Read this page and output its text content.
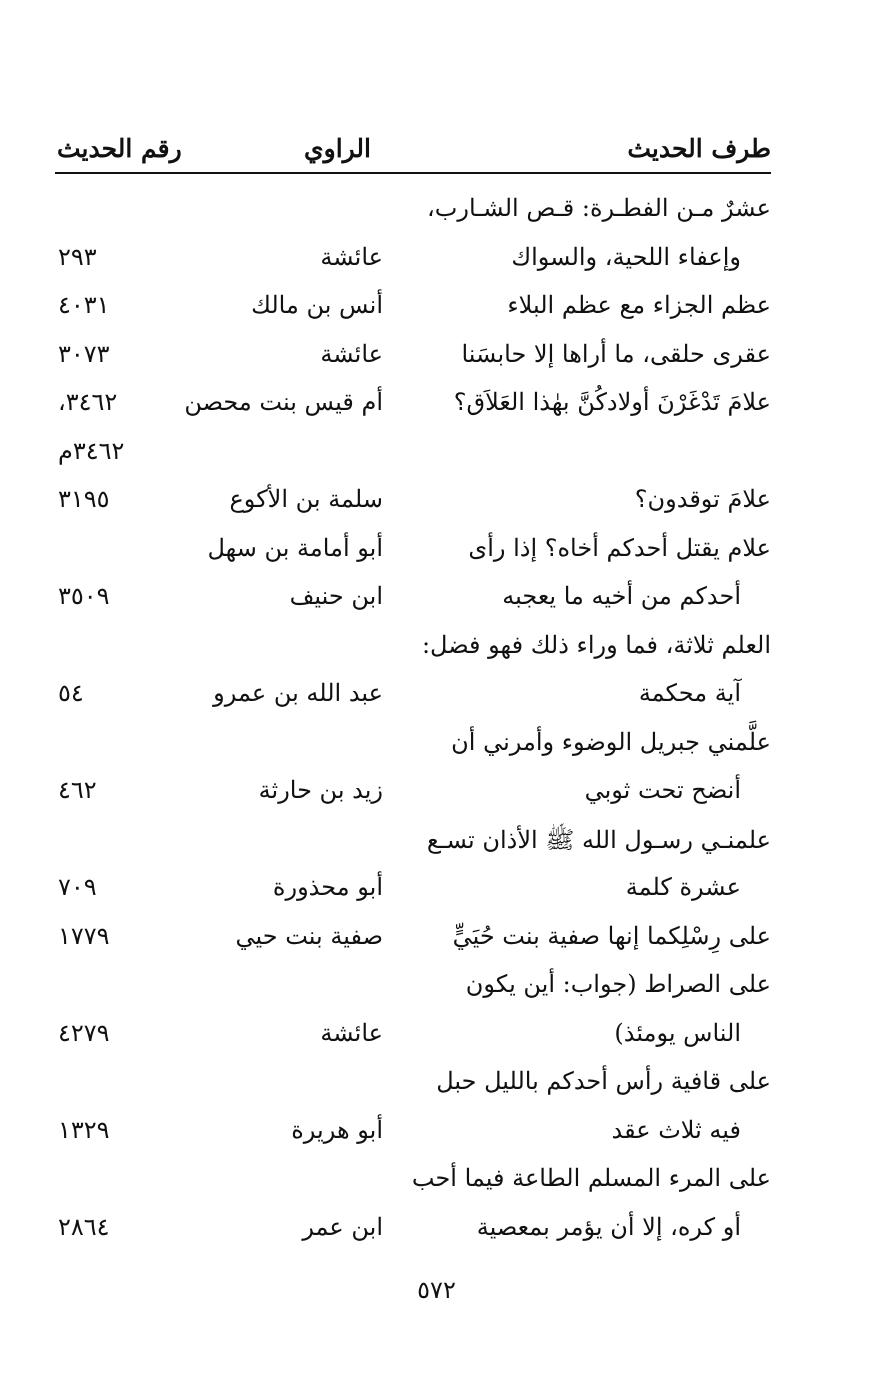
طرف الحديث
الراوي
رقم الحديث
عشرٌ مـن الفطـرة: قـص الشـارب،
وإعفاء اللحية، والسواك
عائشة
٢٩٣
عظم الجزاء مع عظم البلاء
أنس بن مالك
٤٠٣١
عقرى حلقى، ما أراها إلا حابسَنا
عائشة
٣٠٧٣
علامَ تَدْغَرْنَ أولادكُنَّ بهٰذا العَلاَق؟
أم قيس بنت محصن
٣٤٦٢،
٣٤٦٢م
علامَ توقدون؟
سلمة بن الأكوع
٣١٩٥
علام يقتل أحدكم أخاه؟ إذا رأى
أبو أمامة بن سهل
أحدكم من أخيه ما يعجبه
ابن حنيف
٣٥٠٩
العلم ثلاثة، فما وراء ذلك فهو فضل:
آية محكمة
عبد الله بن عمرو
٥٤
علَّمني جبريل الوضوء وأمرني أن
أنضح تحت ثوبي
زيد بن حارثة
٤٦٢
علمنـي رسـول الله ﷺ الأذان تسـع
عشرة كلمة
أبو محذورة
٧٠٩
على رِسْلِكما إنها صفية بنت حُيَيٍّ
صفية بنت حيي
١٧٧٩
على الصراط (جواب: أين يكون
الناس يومئذ)
عائشة
٤٢٧٩
على قافية رأس أحدكم بالليل حبل
فيه ثلاث عقد
أبو هريرة
١٣٢٩
على المرء المسلم الطاعة فيما أحب
أو كره، إلا أن يؤمر بمعصية
ابن عمر
٢٨٦٤
٥٧٢
